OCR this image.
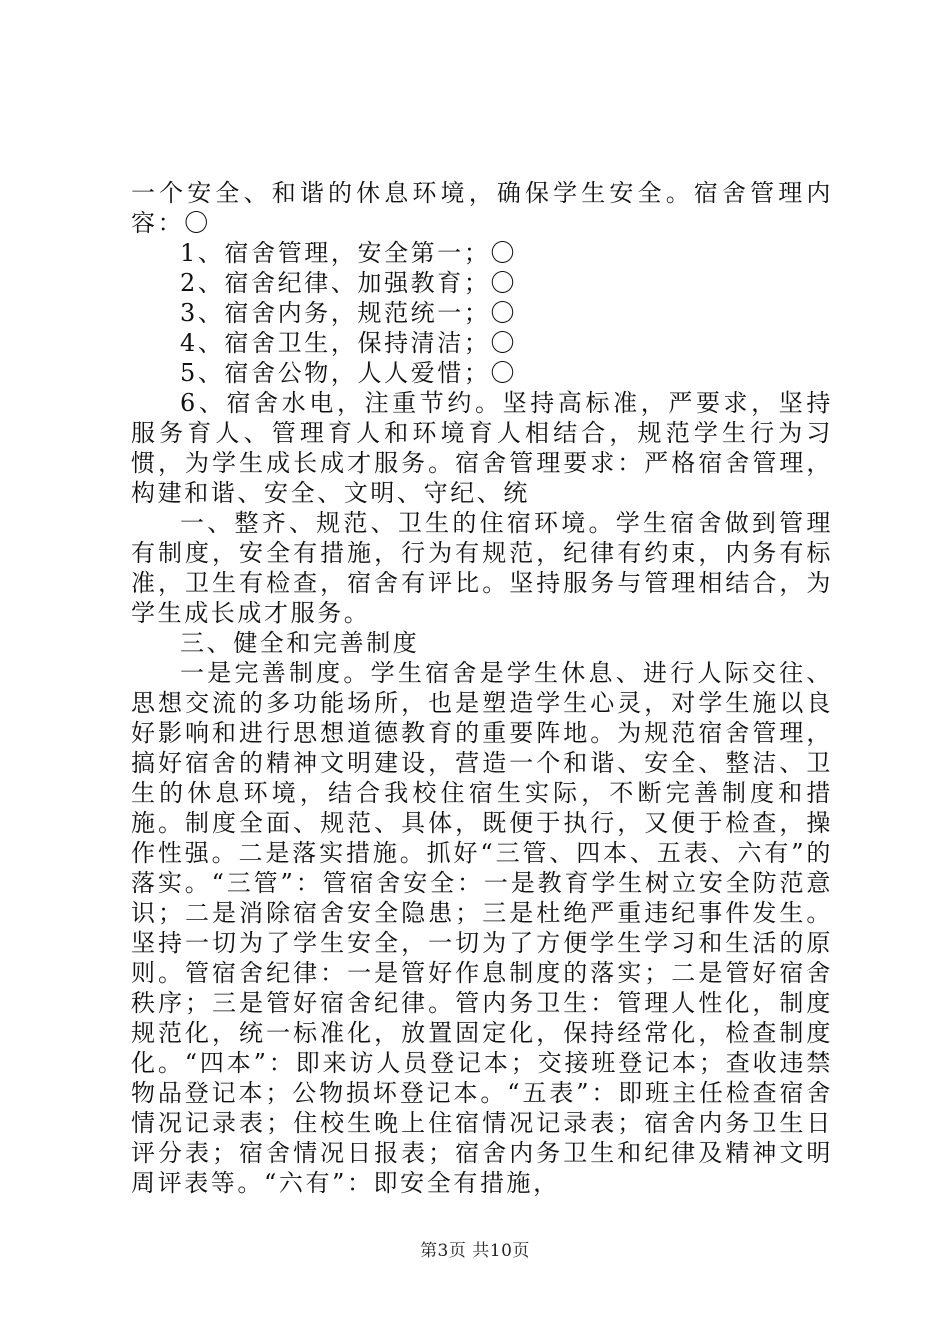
一个安全、和谐的休息环境，确保学生安全。宿舍管理内容：〇

1、宿舍管理，安全第一；〇

2、宿舍纪律、加强教育；〇

3、宿舍内务，规范统一；〇

4、宿舍卫生，保持清洁；〇

5、宿舍公物，人人爱惜；〇

6、宿舍水电，注重节约。坚持高标准，严要求，坚持服务育人、管理育人和环境育人相结合，规范学生行为习惯，为学生成长成才服务。宿舍管理要求：严格宿舍管理，构建和谐、安全、文明、守纪、统

一、整齐、规范、卫生的住宿环境。学生宿舍做到管理有制度，安全有措施，行为有规范，纪律有约束，内务有标准，卫生有检查，宿舍有评比。坚持服务与管理相结合，为学生成长成才服务。

三、健全和完善制度

一是完善制度。学生宿舍是学生休息、进行人际交往、思想交流的多功能场所，也是塑造学生心灵，对学生施以良好影响和进行思想道德教育的重要阵地。为规范宿舍管理，搞好宿舍的精神文明建设，营造一个和谐、安全、整洁、卫生的休息环境，结合我校住宿生实际，不断完善制度和措施。制度全面、规范、具体，既便于执行，又便于检查，操作性强。二是落实措施。抓好“三管、四本、五表、六有”的落实。“三管”：管宿舍安全：一是教育学生树立安全防范意识；二是消除宿舍安全隐患；三是杜绝严重违纪事件发生。坚持一切为了学生安全，一切为了方便学生学习和生活的原则。管宿舍纪律：一是管好作息制度的落实；二是管好宿舍秩序；三是管好宿舍纪律。管内务卫生：管理人性化，制度规范化，统一标准化，放置固定化，保持经常化，检查制度化。“四本”：即来访人员登记本；交接班登记本；查收违禁物品登记本；公物损坏登记本。“五表”：即班主任检查宿舍情况记录表；住校生晚上住宿情况记录表；宿舍内务卫生日评分表；宿舍情况日报表；宿舍内务卫生和纪律及精神文明周评表等。“六有”：即安全有措施，

第3页 共10页
